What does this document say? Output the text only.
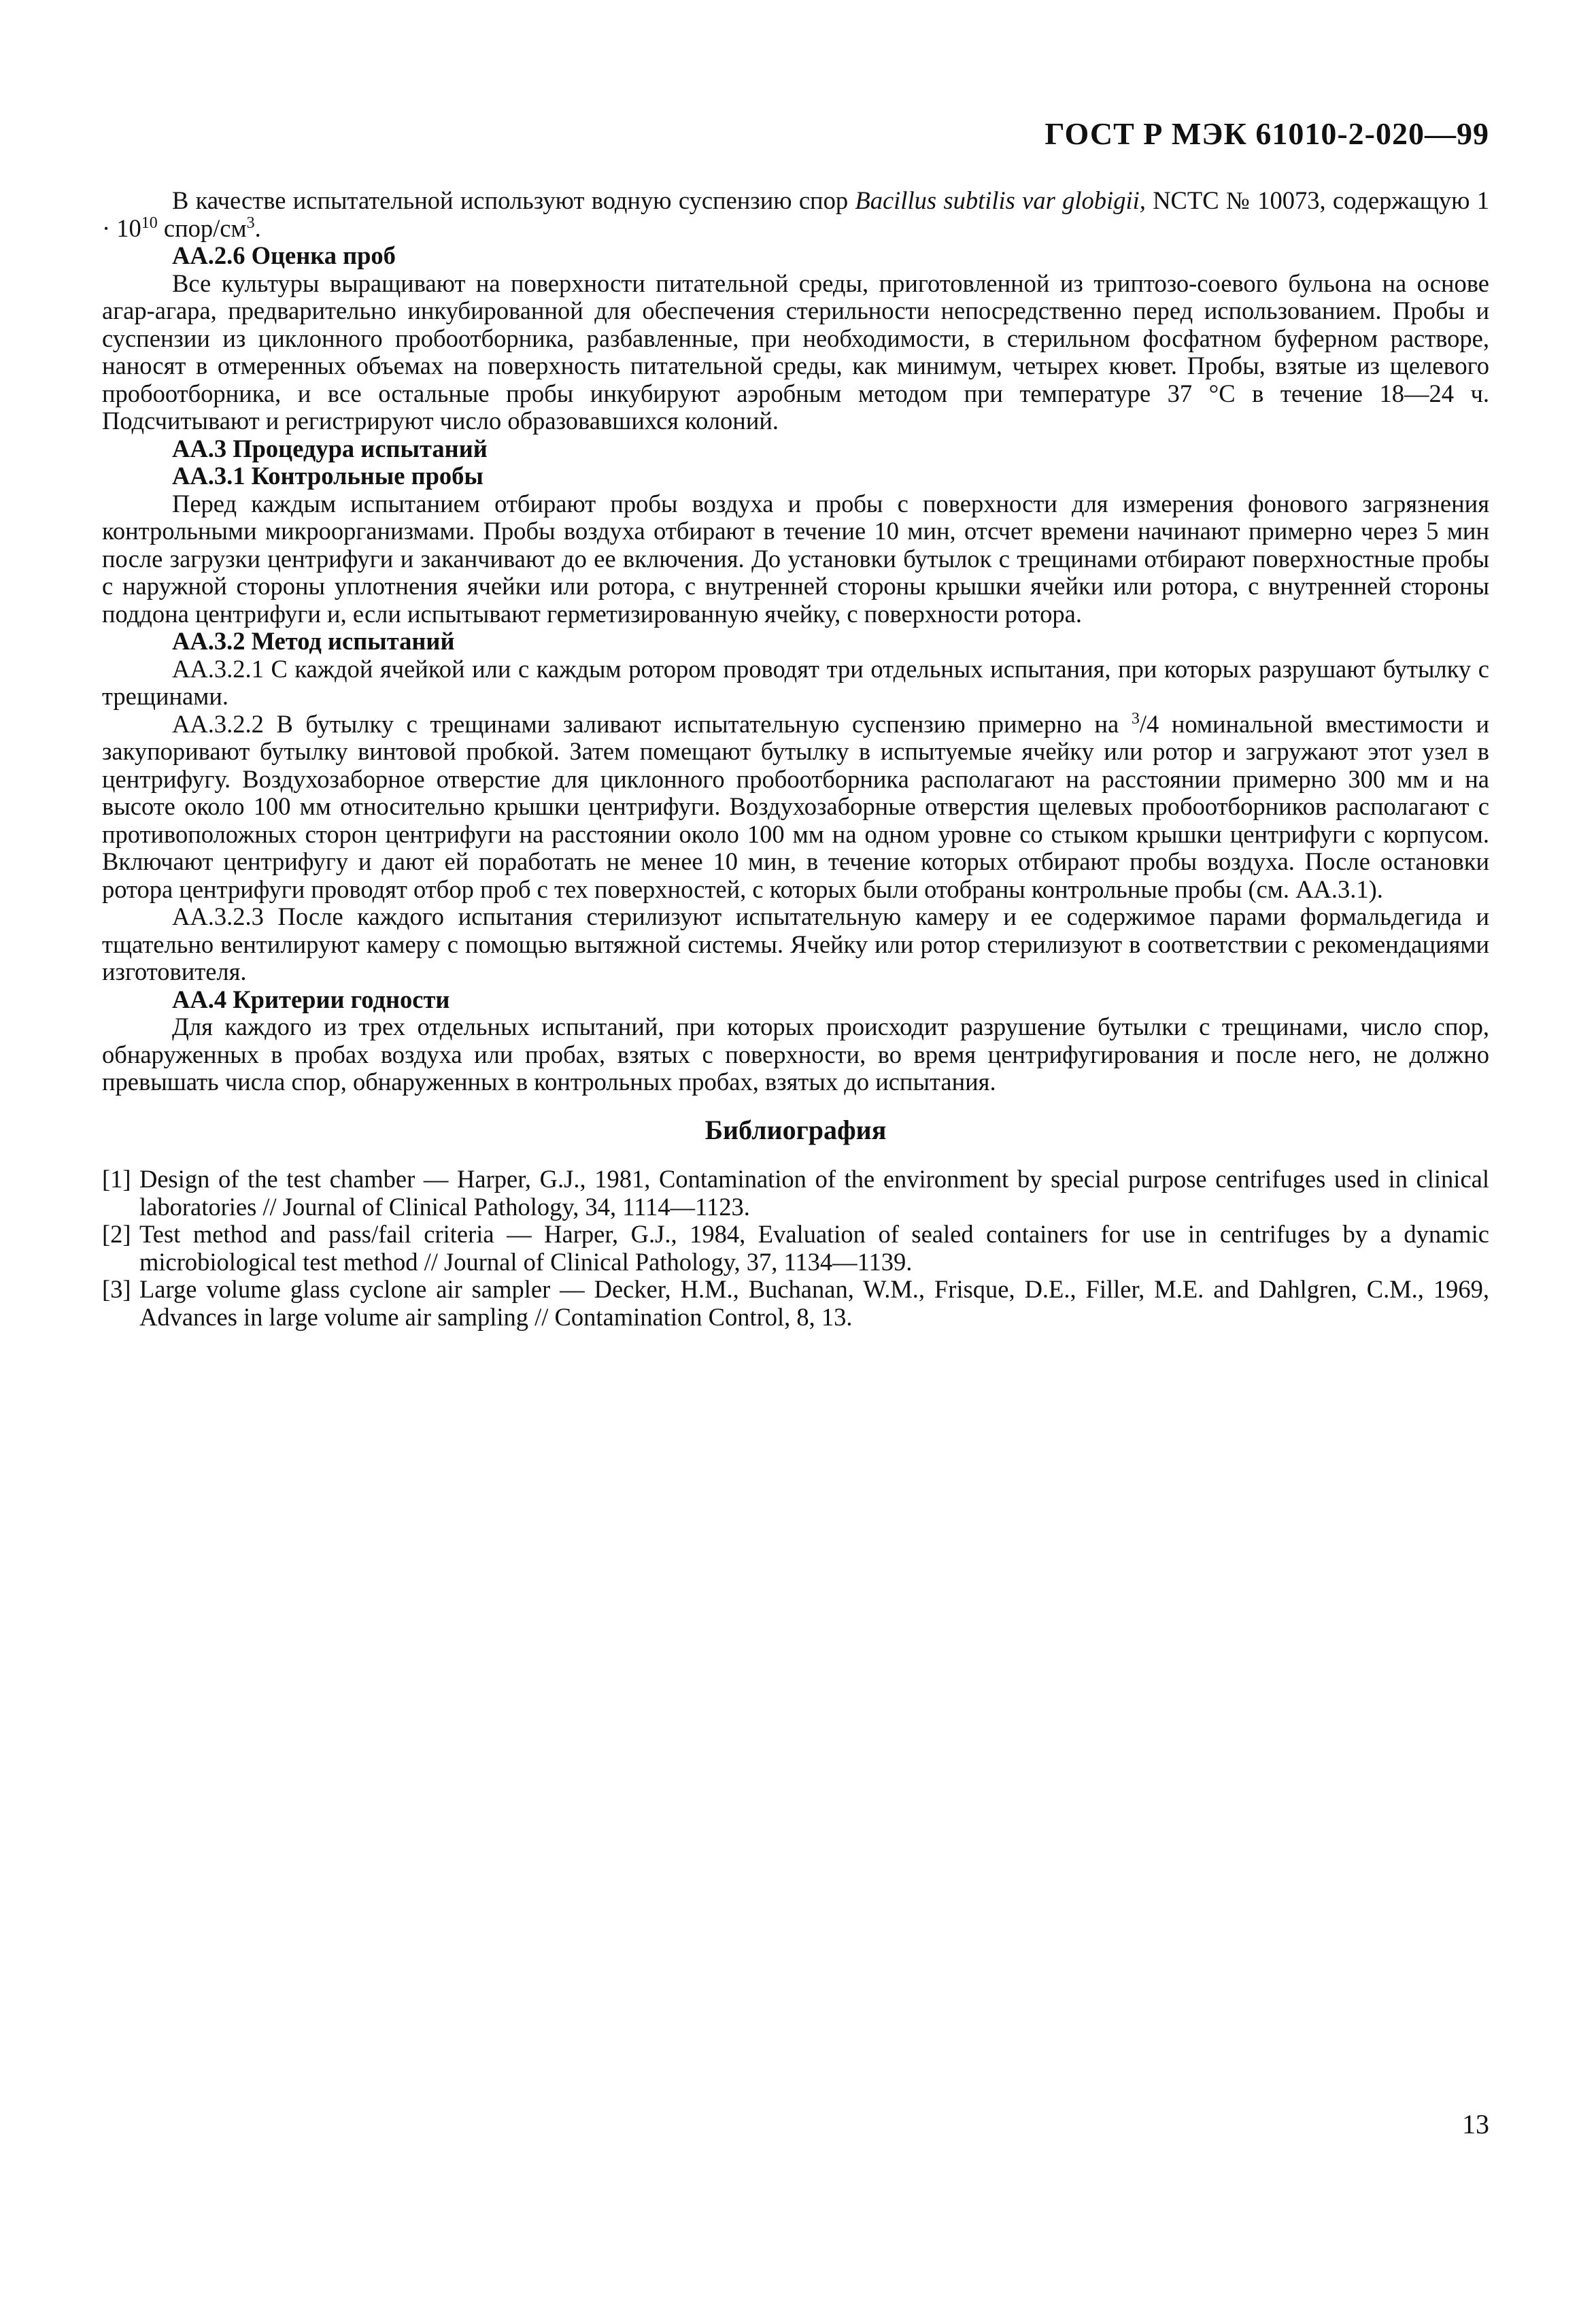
ГОСТ Р МЭК 61010-2-020—99

В качестве испытательной используют водную суспензию спор Bacillus subtilis var globigii, NCTC № 10073, содержащую $1 \cdot 10^{10}$ спор/$см^3$.

АА.2.6 Оценка проб

Все культуры выращивают на поверхности питательной среды, приготовленной из триптозо-соевого бульона на основе агар-агара, предварительно инкубированной для обеспечения стерильности непосредственно перед использованием. Пробы и суспензии из циклонного пробоотборника, разбавленные, при необходимости, в стерильном фосфатном буферном растворе, наносят в отмеренных объемах на поверхность питательной среды, как минимум, четырех кювет. Пробы, взятые из щелевого пробоотборника, и все остальные пробы инкубируют аэробным методом при температуре 37 °С в течение 18—24 ч. Подсчитывают и регистрируют число образовавшихся колоний.

АА.3 Процедура испытаний

АА.3.1 Контрольные пробы

Перед каждым испытанием отбирают пробы воздуха и пробы с поверхности для измерения фонового загрязнения контрольными микроорганизмами. Пробы воздуха отбирают в течение 10 мин, отсчет времени начинают примерно через 5 мин после загрузки центрифуги и заканчивают до ее включения. До установки бутылок с трещинами отбирают поверхностные пробы с наружной стороны уплотнения ячейки или ротора, с внутренней стороны крышки ячейки или ротора, с внутренней стороны поддона центрифуги и, если испытывают герметизированную ячейку, с поверхности ротора.

АА.3.2 Метод испытаний

АА.3.2.1 С каждой ячейкой или с каждым ротором проводят три отдельных испытания, при которых разрушают бутылку с трещинами.

АА.3.2.2 В бутылку с трещинами заливают испытательную суспензию примерно на $^3$/4 номинальной вместимости и закупоривают бутылку винтовой пробкой. Затем помещают бутылку в испытуемые ячейку или ротор и загружают этот узел в центрифугу. Воздухозаборное отверстие для циклонного пробоотборника располагают на расстоянии примерно 300 мм и на высоте около 100 мм относительно крышки центрифуги. Воздухозаборные отверстия щелевых пробоотборников располагают с противоположных сторон центрифуги на расстоянии около 100 мм на одном уровне со стыком крышки центрифуги с корпусом. Включают центрифугу и дают ей поработать не менее 10 мин, в течение которых отбирают пробы воздуха. После остановки ротора центрифуги проводят отбор проб с тех поверхностей, с которых были отобраны контрольные пробы (см. АА.3.1).

АА.3.2.3 После каждого испытания стерилизуют испытательную камеру и ее содержимое парами формальдегида и тщательно вентилируют камеру с помощью вытяжной системы. Ячейку или ротор стерилизуют в соответствии с рекомендациями изготовителя.

АА.4 Критерии годности

Для каждого из трех отдельных испытаний, при которых происходит разрушение бутылки с трещинами, число спор, обнаруженных в пробах воздуха или пробах, взятых с поверхности, во время центрифугирования и после него, не должно превышать числа спор, обнаруженных в контрольных пробах, взятых до испытания.

Библиография
[1] Design of the test chamber — Harper, G.J., 1981, Contamination of the environment by special purpose centrifuges used in clinical laboratories // Journal of Clinical Pathology, 34, 1114—1123.
[2] Test method and pass/fail criteria — Harper, G.J., 1984, Evaluation of sealed containers for use in centrifuges by a dynamic microbiological test method // Journal of Clinical Pathology, 37, 1134—1139.
[3] Large volume glass cyclone air sampler — Decker, H.M., Buchanan, W.M., Frisque, D.E., Filler, M.E. and Dahlgren, C.M., 1969, Advances in large volume air sampling // Contamination Control, 8, 13.
13
